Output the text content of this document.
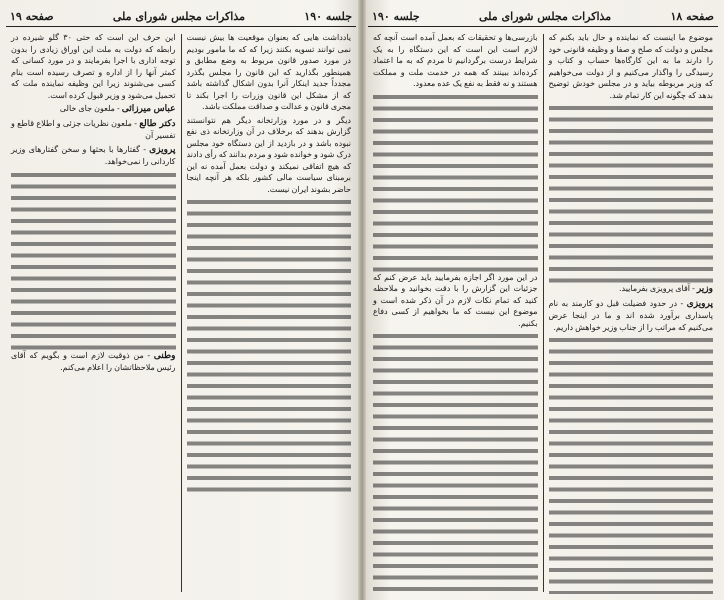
جلسه ۱۹۰
مذاکرات مجلس شورای ملی
صفحه ۱۹

یادداشت هایی که بعنوان موقعیت ها بیش نیست نمی توانند تسویه بکنند زیرا که که ما مامور بودیم در مورد صدور قانون مربوط به وضع مطابق و همینطور بگذارید که این قانون را مجلس بگذرد مجدداً جدید اینکار آنرا بدون اشکال گذاشته باشد که از مشکل این قانون وزرات را اجرا بکند تا مجری قانون و عدالت و صداقت مملکت باشد.

دیگر و در مورد وزارتخانه دیگر هم نتوانستند گزارش بدهند که برخلاف در آن وزارتخانه ذی نفع نبوده باشد و در بازدید از این دستگاه خود مجلس درک شود و خوانده شود و مردم بدانند که رأی دادند که هیچ اتفاقی نمیکند و دولت بعمل آمده نه این برمبنای سیاست مالی کشور بلکه هر آنچه اینجا حاضر بشوند ایران نیست.

این حرف این است که حتی ۳۰ گلو شیرده در رابطه که دولت به ملت این اوراق زیادی را بدون توجه اداری با اجرا بفرمایند و در مورد کسانی که کمتر آنها را از اداره و تصرف رسیده است بنام کسی می‌شنوند زیرا این وظیفه نماینده ملت که تحمیل می‌شود و وزیر قبول کرده است.

عباس میرزائی - ملعون جای خالی

دکتر طالع - ملعون نظریات جزئی و اطلاع قاطع و تفسیر آن

پرویزی - گفتارها با بحثها و سخن گفتارهای وزیر کاردانی را نمی‌خواهد.

وطنی - من ذوقیت لازم است و بگویم که آقای رئیس ملاحظاتشان را اعلام می‌کنم.

صفحه ۱۸
مذاکرات مجلس شورای ملی
جلسه ۱۹۰

موضوع ما اینست که نماینده و حال باید بکنم که مجلس و دولت که صلح و صفا و وظیفه قانونی خود را دارند ما به این کارگاه‌ها حساب و کتاب و رسیدگی را واگذار می‌کنیم و از دولت می‌خواهیم که وزیر مربوطه بیاید و در مجلس خودش توضیح بدهد که چگونه این کار تمام شد.

وزیر - آقای پرویزی بفرمایید.

پرویزی - در حدود فضیلت قبل دو کارمند به نام پاسداری برآورد شده اند و ما در اینجا عرض می‌کنیم که مراتب را از جناب وزیر خواهش داریم.

بازرسی‌ها و تحقیقات که بعمل آمده است آنچه که لازم است این است که این دستگاه را به یک شرایط درست برگردانیم تا مردم که به ما اعتماد کرده‌اند ببینند که همه در خدمت ملت و مملکت هستند و نه فقط به نفع یک عده معدود.

در این مورد اگر اجازه بفرمایید باید عرض کنم که جزئیات این گزارش را با دقت بخوانید و ملاحظه کنید که تمام نکات لازم در آن ذکر شده است و موضوع این نیست که ما بخواهیم از کسی دفاع بکنیم.
